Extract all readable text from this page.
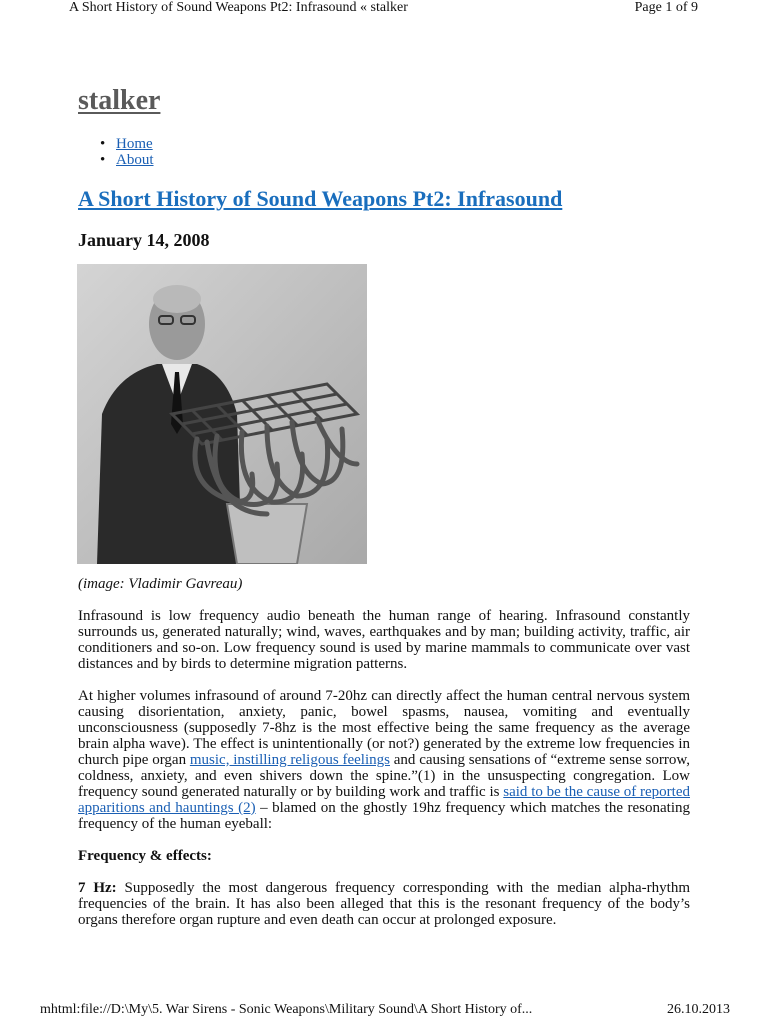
A Short History of Sound Weapons Pt2: Infrasound « stalker	Page 1 of 9
stalker
• Home
• About
A Short History of Sound Weapons Pt2: Infrasound
January 14, 2008
(image: Vladimir Gavreau)

Infrasound is low frequency audio beneath the human range of hearing. Infrasound constantly surrounds us, generated naturally; wind, waves, earthquakes and by man; building activity, traffic, air conditioners and so-on. Low frequency sound is used by marine mammals to communicate over vast distances and by birds to determine migration patterns.

At higher volumes infrasound of around 7-20hz can directly affect the human central nervous system causing disorientation, anxiety, panic, bowel spasms, nausea, vomiting and eventually unconsciousness (supposedly 7-8hz is the most effective being the same frequency as the average brain alpha wave). The effect is unintentionally (or not?) generated by the extreme low frequencies in church pipe organ music, instilling religous feelings and causing sensations of “extreme sense sorrow, coldness, anxiety, and even shivers down the spine.”(1) in the unsuspecting congregation. Low frequency sound generated naturally or by building work and traffic is said to be the cause of reported apparitions and hauntings (2) – blamed on the ghostly 19hz frequency which matches the resonating frequency of the human eyeball:

Frequency & effects:

7 Hz: Supposedly the most dangerous frequency corresponding with the median alpha-rhythm frequencies of the brain. It has also been alleged that this is the resonant frequency of the body’s organs therefore organ rupture and even death can occur at prolonged exposure.

mhtml:file://D:\My\5. War Sirens - Sonic Weapons\Military Sound\A Short History of...	26.10.2013
